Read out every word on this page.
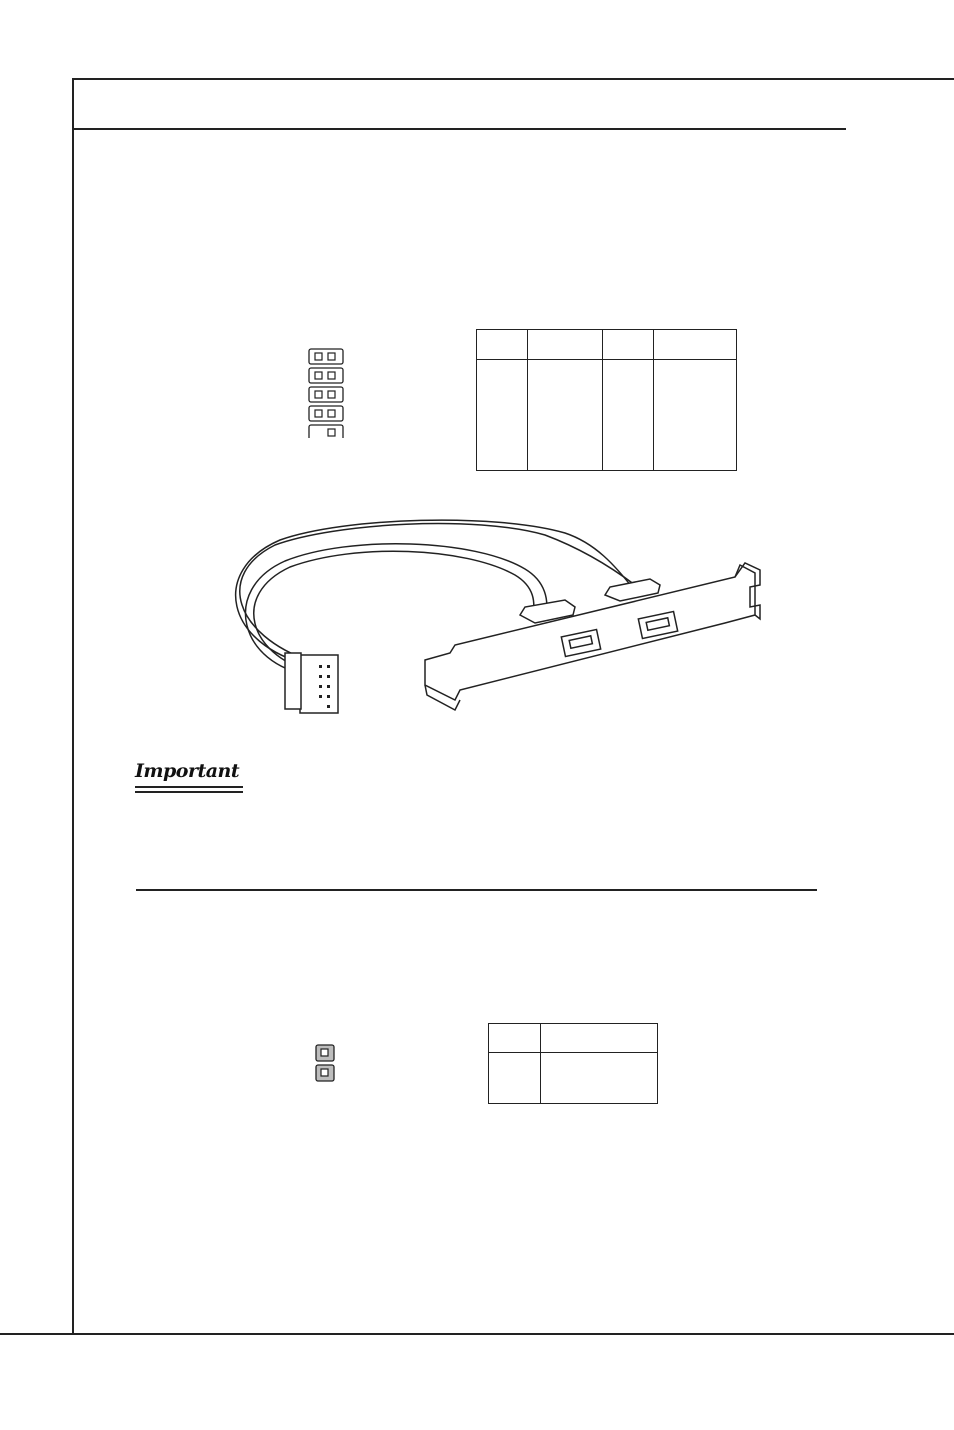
Important
